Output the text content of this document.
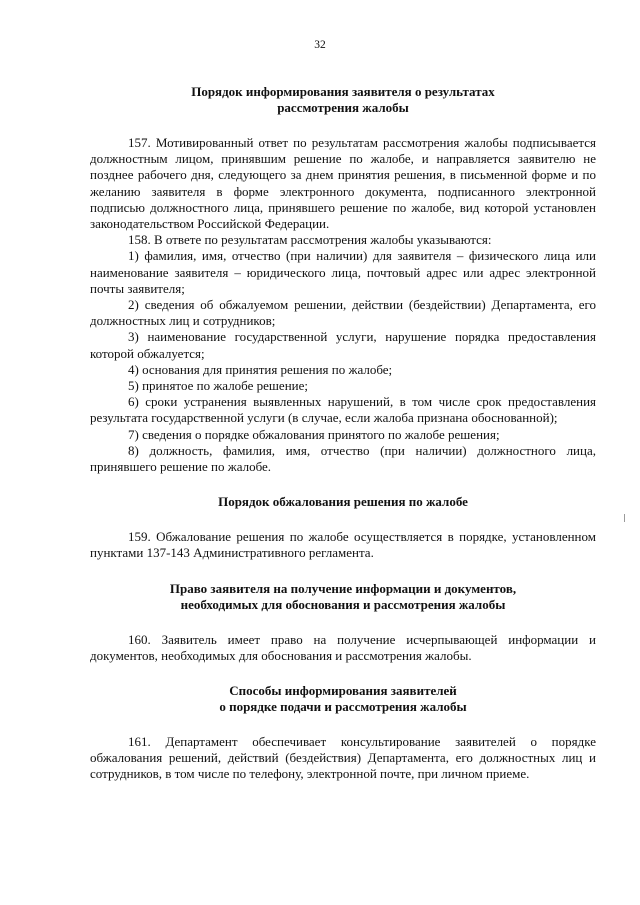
32
Порядок информирования заявителя о результатах
рассмотрения жалобы

157. Мотивированный ответ по результатам рассмотрения жалобы подписывается должностным лицом, принявшим решение по жалобе, и направляется заявителю не позднее рабочего дня, следующего за днем принятия решения, в письменной форме и по желанию заявителя в форме электронного документа, подписанного электронной подписью должностного лица, принявшего решение по жалобе, вид которой установлен законодательством Российской Федерации.

158. В ответе по результатам рассмотрения жалобы указываются:

1) фамилия, имя, отчество (при наличии) для заявителя – физического лица или наименование заявителя – юридического лица, почтовый адрес или адрес электронной почты заявителя;

2) сведения об обжалуемом решении, действии (бездействии) Департамента, его должностных лиц и сотрудников;

3) наименование государственной услуги, нарушение порядка предоставления которой обжалуется;

4) основания для принятия решения по жалобе;

5) принятое по жалобе решение;

6) сроки устранения выявленных нарушений, в том числе срок предоставления результата государственной услуги (в случае, если жалоба признана обоснованной);

7) сведения о порядке обжалования принятого по жалобе решения;

8) должность, фамилия, имя, отчество (при наличии) должностного лица, принявшего решение по жалобе.

Порядок обжалования решения по жалобе

159. Обжалование решения по жалобе осуществляется в порядке, установленном пунктами 137-143 Административного регламента.

Право заявителя на получение информации и документов,
необходимых для обоснования и рассмотрения жалобы

160. Заявитель имеет право на получение исчерпывающей информации и документов, необходимых для обоснования и рассмотрения жалобы.

Способы информирования заявителей
о порядке подачи и рассмотрения жалобы

161. Департамент обеспечивает консультирование заявителей о порядке обжалования решений, действий (бездействия) Департамента, его должностных лиц и сотрудников, в том числе по телефону, электронной почте, при личном приеме.
